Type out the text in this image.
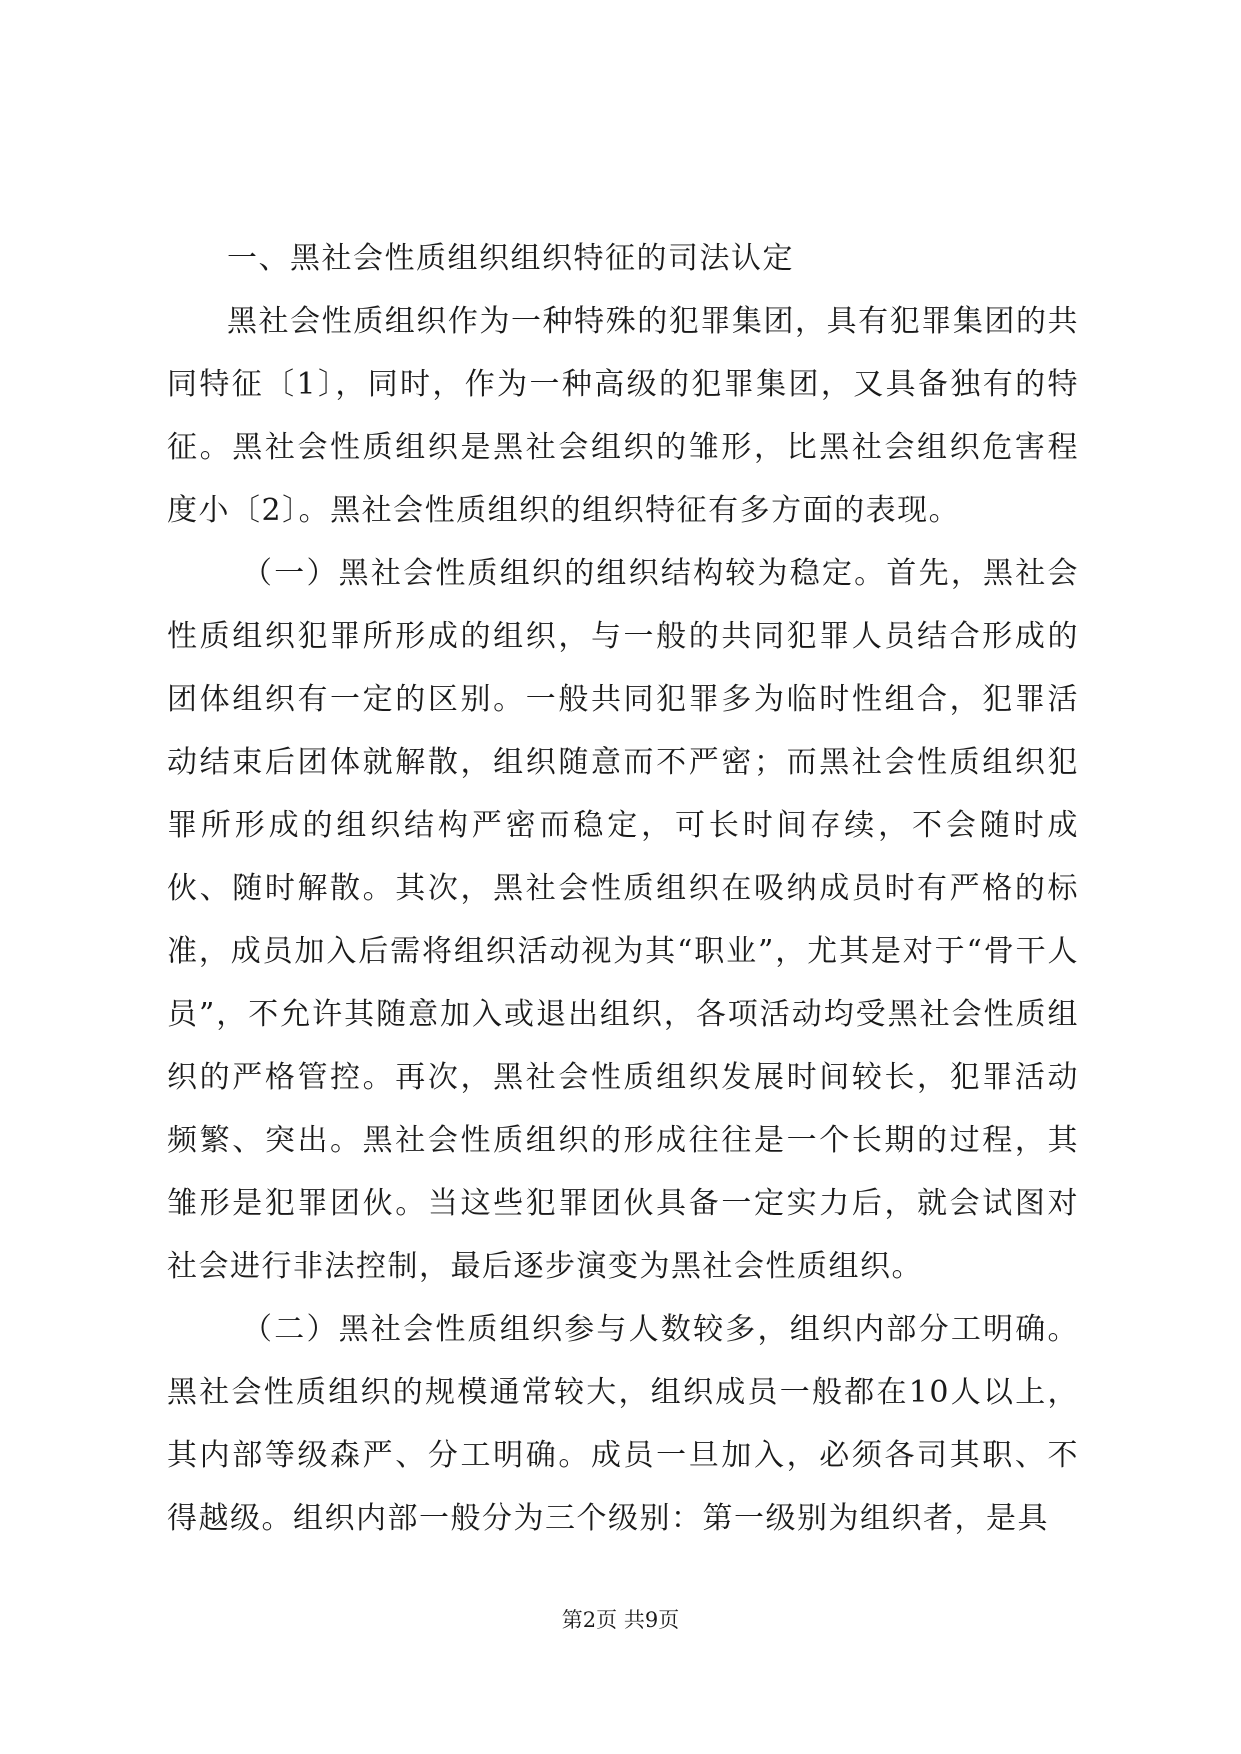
一、黑社会性质组织组织特征的司法认定

黑社会性质组织作为一种特殊的犯罪集团，具有犯罪集团的共同特征〔1〕，同时，作为一种高级的犯罪集团，又具备独有的特征。黑社会性质组织是黑社会组织的雏形，比黑社会组织危害程度小〔2〕。黑社会性质组织的组织特征有多方面的表现。

（一）黑社会性质组织的组织结构较为稳定。首先，黑社会性质组织犯罪所形成的组织，与一般的共同犯罪人员结合形成的团体组织有一定的区别。一般共同犯罪多为临时性组合，犯罪活动结束后团体就解散，组织随意而不严密；而黑社会性质组织犯罪所形成的组织结构严密而稳定，可长时间存续，不会随时成伙、随时解散。其次，黑社会性质组织在吸纳成员时有严格的标准，成员加入后需将组织活动视为其“职业”，尤其是对于“骨干人员”，不允许其随意加入或退出组织，各项活动均受黑社会性质组织的严格管控。再次，黑社会性质组织发展时间较长，犯罪活动频繁、突出。黑社会性质组织的形成往往是一个长期的过程，其雏形是犯罪团伙。当这些犯罪团伙具备一定实力后，就会试图对社会进行非法控制，最后逐步演变为黑社会性质组织。

（二）黑社会性质组织参与人数较多，组织内部分工明确。黑社会性质组织的规模通常较大，组织成员一般都在10人以上，其内部等级森严、分工明确。成员一旦加入，必须各司其职、不得越级。组织内部一般分为三个级别：第一级别为组织者，是具

第2页 共9页
